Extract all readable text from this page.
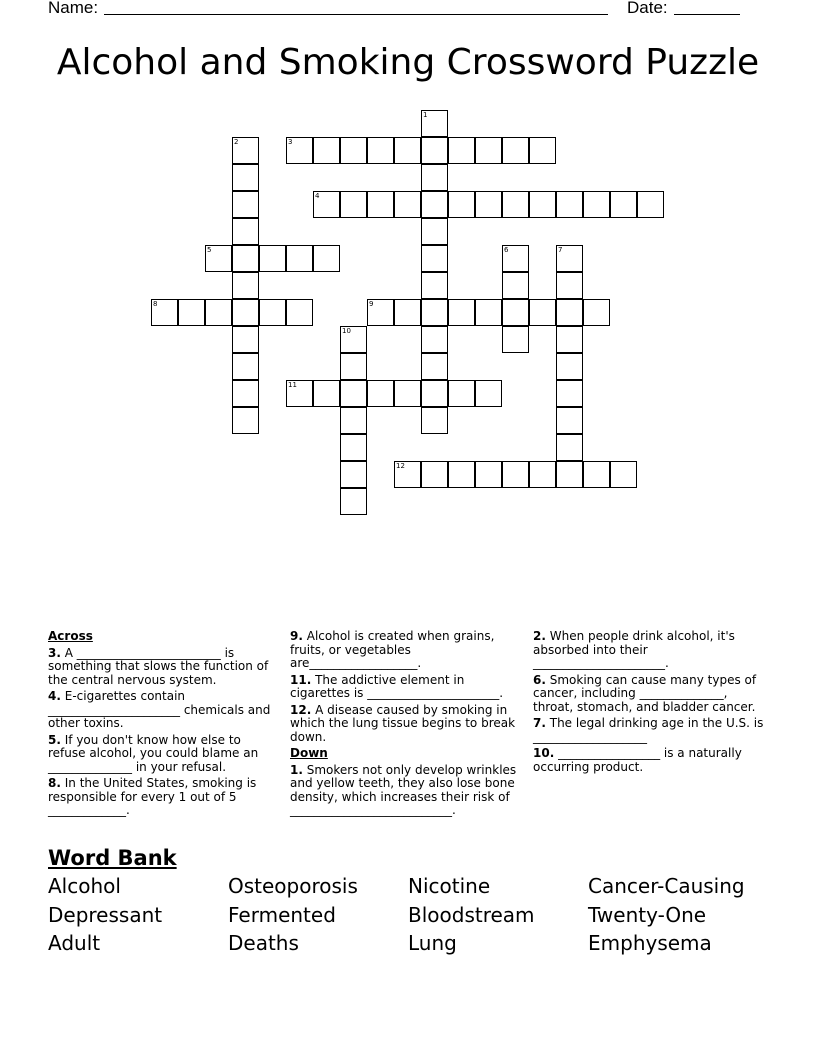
Name:	Date:
Alcohol and Smoking Crossword Puzzle
1
2	3
4
5	6	7
8	9
10
11
12
Across

3. A ________________________ is something that slows the function of the central nervous system.

4. E-cigarettes contain ______________________ chemicals and other toxins.

5. If you don't know how else to refuse alcohol, you could blame an ______________ in your refusal.

8. In the United States, smoking is responsible for every 1 out of 5 _____________.

9. Alcohol is created when grains, fruits, or vegetables are__________________.

11. The addictive element in cigarettes is ______________________.

12. A disease caused by smoking in which the lung tissue begins to break down.

Down

1. Smokers not only develop wrinkles and yellow teeth, they also lose bone density, which increases their risk of ___________________________.

2. When people drink alcohol, it's absorbed into their ______________________.

6. Smoking can cause many types of cancer, including ______________, throat, stomach, and bladder cancer.

7. The legal drinking age in the U.S. is ___________________

10. _________________ is a naturally occurring product.

Word Bank
Alcohol	Osteoporosis	Nicotine	Cancer-Causing
Depressant	Fermented	Bloodstream	Twenty-One
Adult	Deaths	Lung	Emphysema
